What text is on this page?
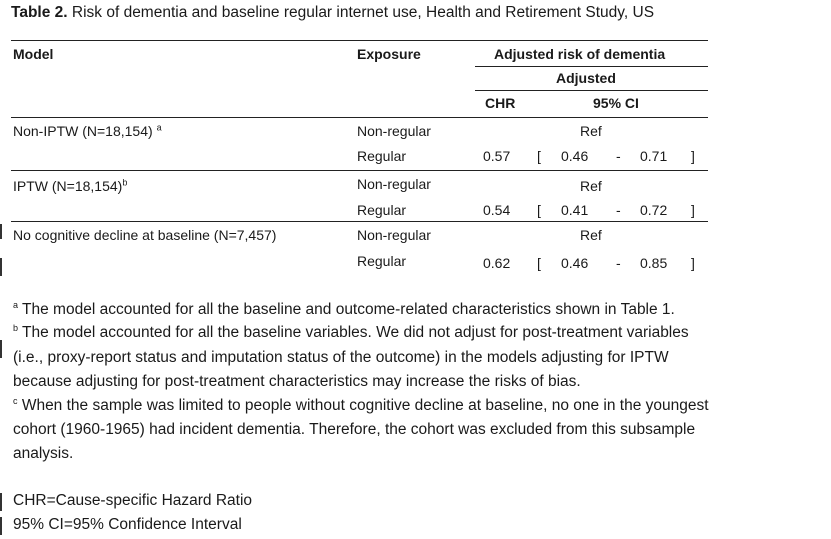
Table 2. Risk of dementia and baseline regular internet use, Health and Retirement Study, US
Model	Exposure	Adjusted risk of dementia
Adjusted
CHR	95% CI
Non-IPTW (N=18,154) $^a$	Non-regular	Ref
Regular	0.57 [ 0.46 - 0.71 ]
IPTW (N=18,154)$^b$	Non-regular	Ref
Regular	0.54 [ 0.41 - 0.72 ]
No cognitive decline at baseline (N=7,457)	Non-regular	Ref
Regular	0.62 [ 0.46 - 0.85 ]
$^a$ The model accounted for all the baseline and outcome-related characteristics shown in Table 1.
$^b$ The model accounted for all the baseline variables. We did not adjust for post-treatment variables
(i.e., proxy-report status and imputation status of the outcome) in the models adjusting for IPTW
because adjusting for post-treatment characteristics may increase the risks of bias.
$^c$ When the sample was limited to people without cognitive decline at baseline, no one in the youngest
cohort (1960-1965) had incident dementia. Therefore, the cohort was excluded from this subsample
analysis.
CHR=Cause-specific Hazard Ratio
95% CI=95% Confidence Interval
